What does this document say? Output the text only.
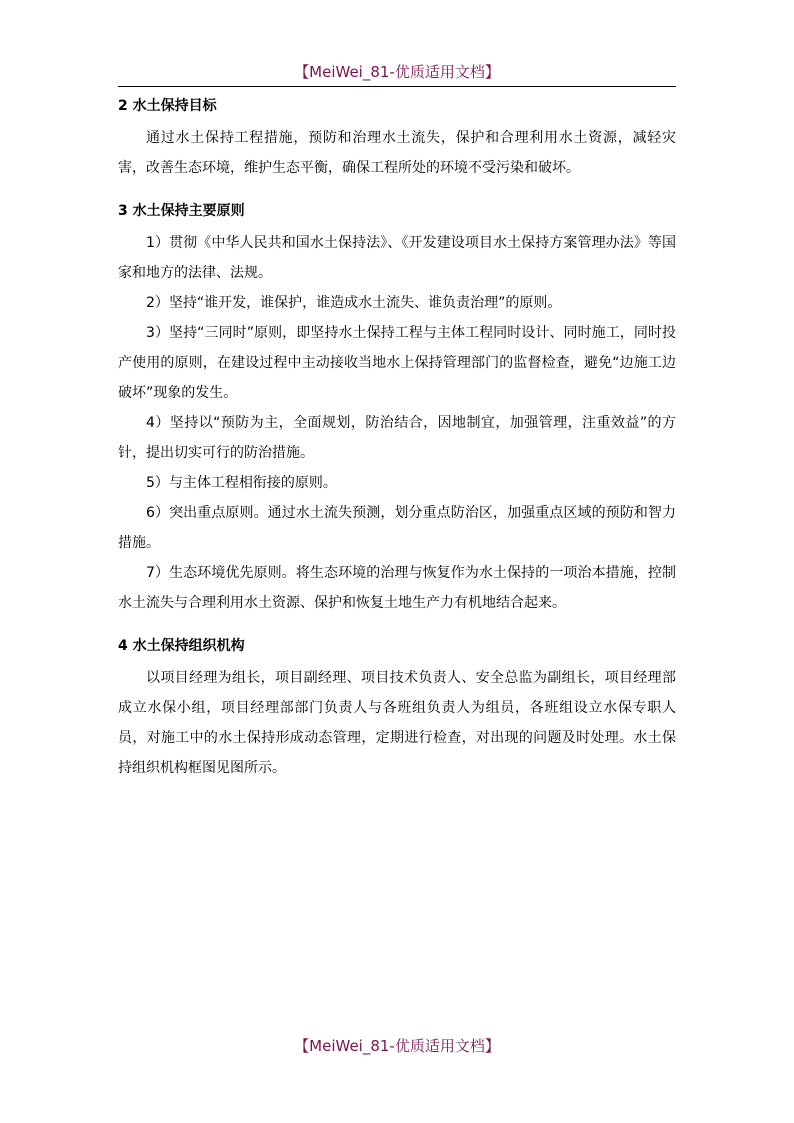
【MeiWei_81-优质适用文档】
2 水土保持目标

通过水土保持工程措施，预防和治理水土流失，保护和合理利用水土资源，减轻灾害，改善生态环境，维护生态平衡，确保工程所处的环境不受污染和破坏。

3 水土保持主要原则

1）贯彻《中华人民共和国水土保持法》、《开发建设项目水土保持方案管理办法》等国家和地方的法律、法规。

2）坚持“谁开发，谁保护，谁造成水土流失、谁负责治理”的原则。

3）坚持“三同时”原则，即坚持水土保持工程与主体工程同时设计、同时施工，同时投产使用的原则，在建设过程中主动接收当地水上保持管理部门的监督检查，避免“边施工边破坏”现象的发生。

4）坚持以“预防为主，全面规划，防治结合，因地制宜，加强管理，注重效益”的方针，提出切实可行的防治措施。

5）与主体工程相衔接的原则。

6）突出重点原则。通过水土流失预测，划分重点防治区，加强重点区域的预防和智力措施。

7）生态环境优先原则。将生态环境的治理与恢复作为水土保持的一项治本措施，控制水土流失与合理利用水土资源、保护和恢复土地生产力有机地结合起来。

4 水土保持组织机构

以项目经理为组长，项目副经理、项目技术负责人、安全总监为副组长，项目经理部成立水保小组，项目经理部部门负责人与各班组负责人为组员，各班组设立水保专职人员，对施工中的水土保持形成动态管理，定期进行检查，对出现的问题及时处理。水土保持组织机构框图见图所示。

【MeiWei_81-优质适用文档】
